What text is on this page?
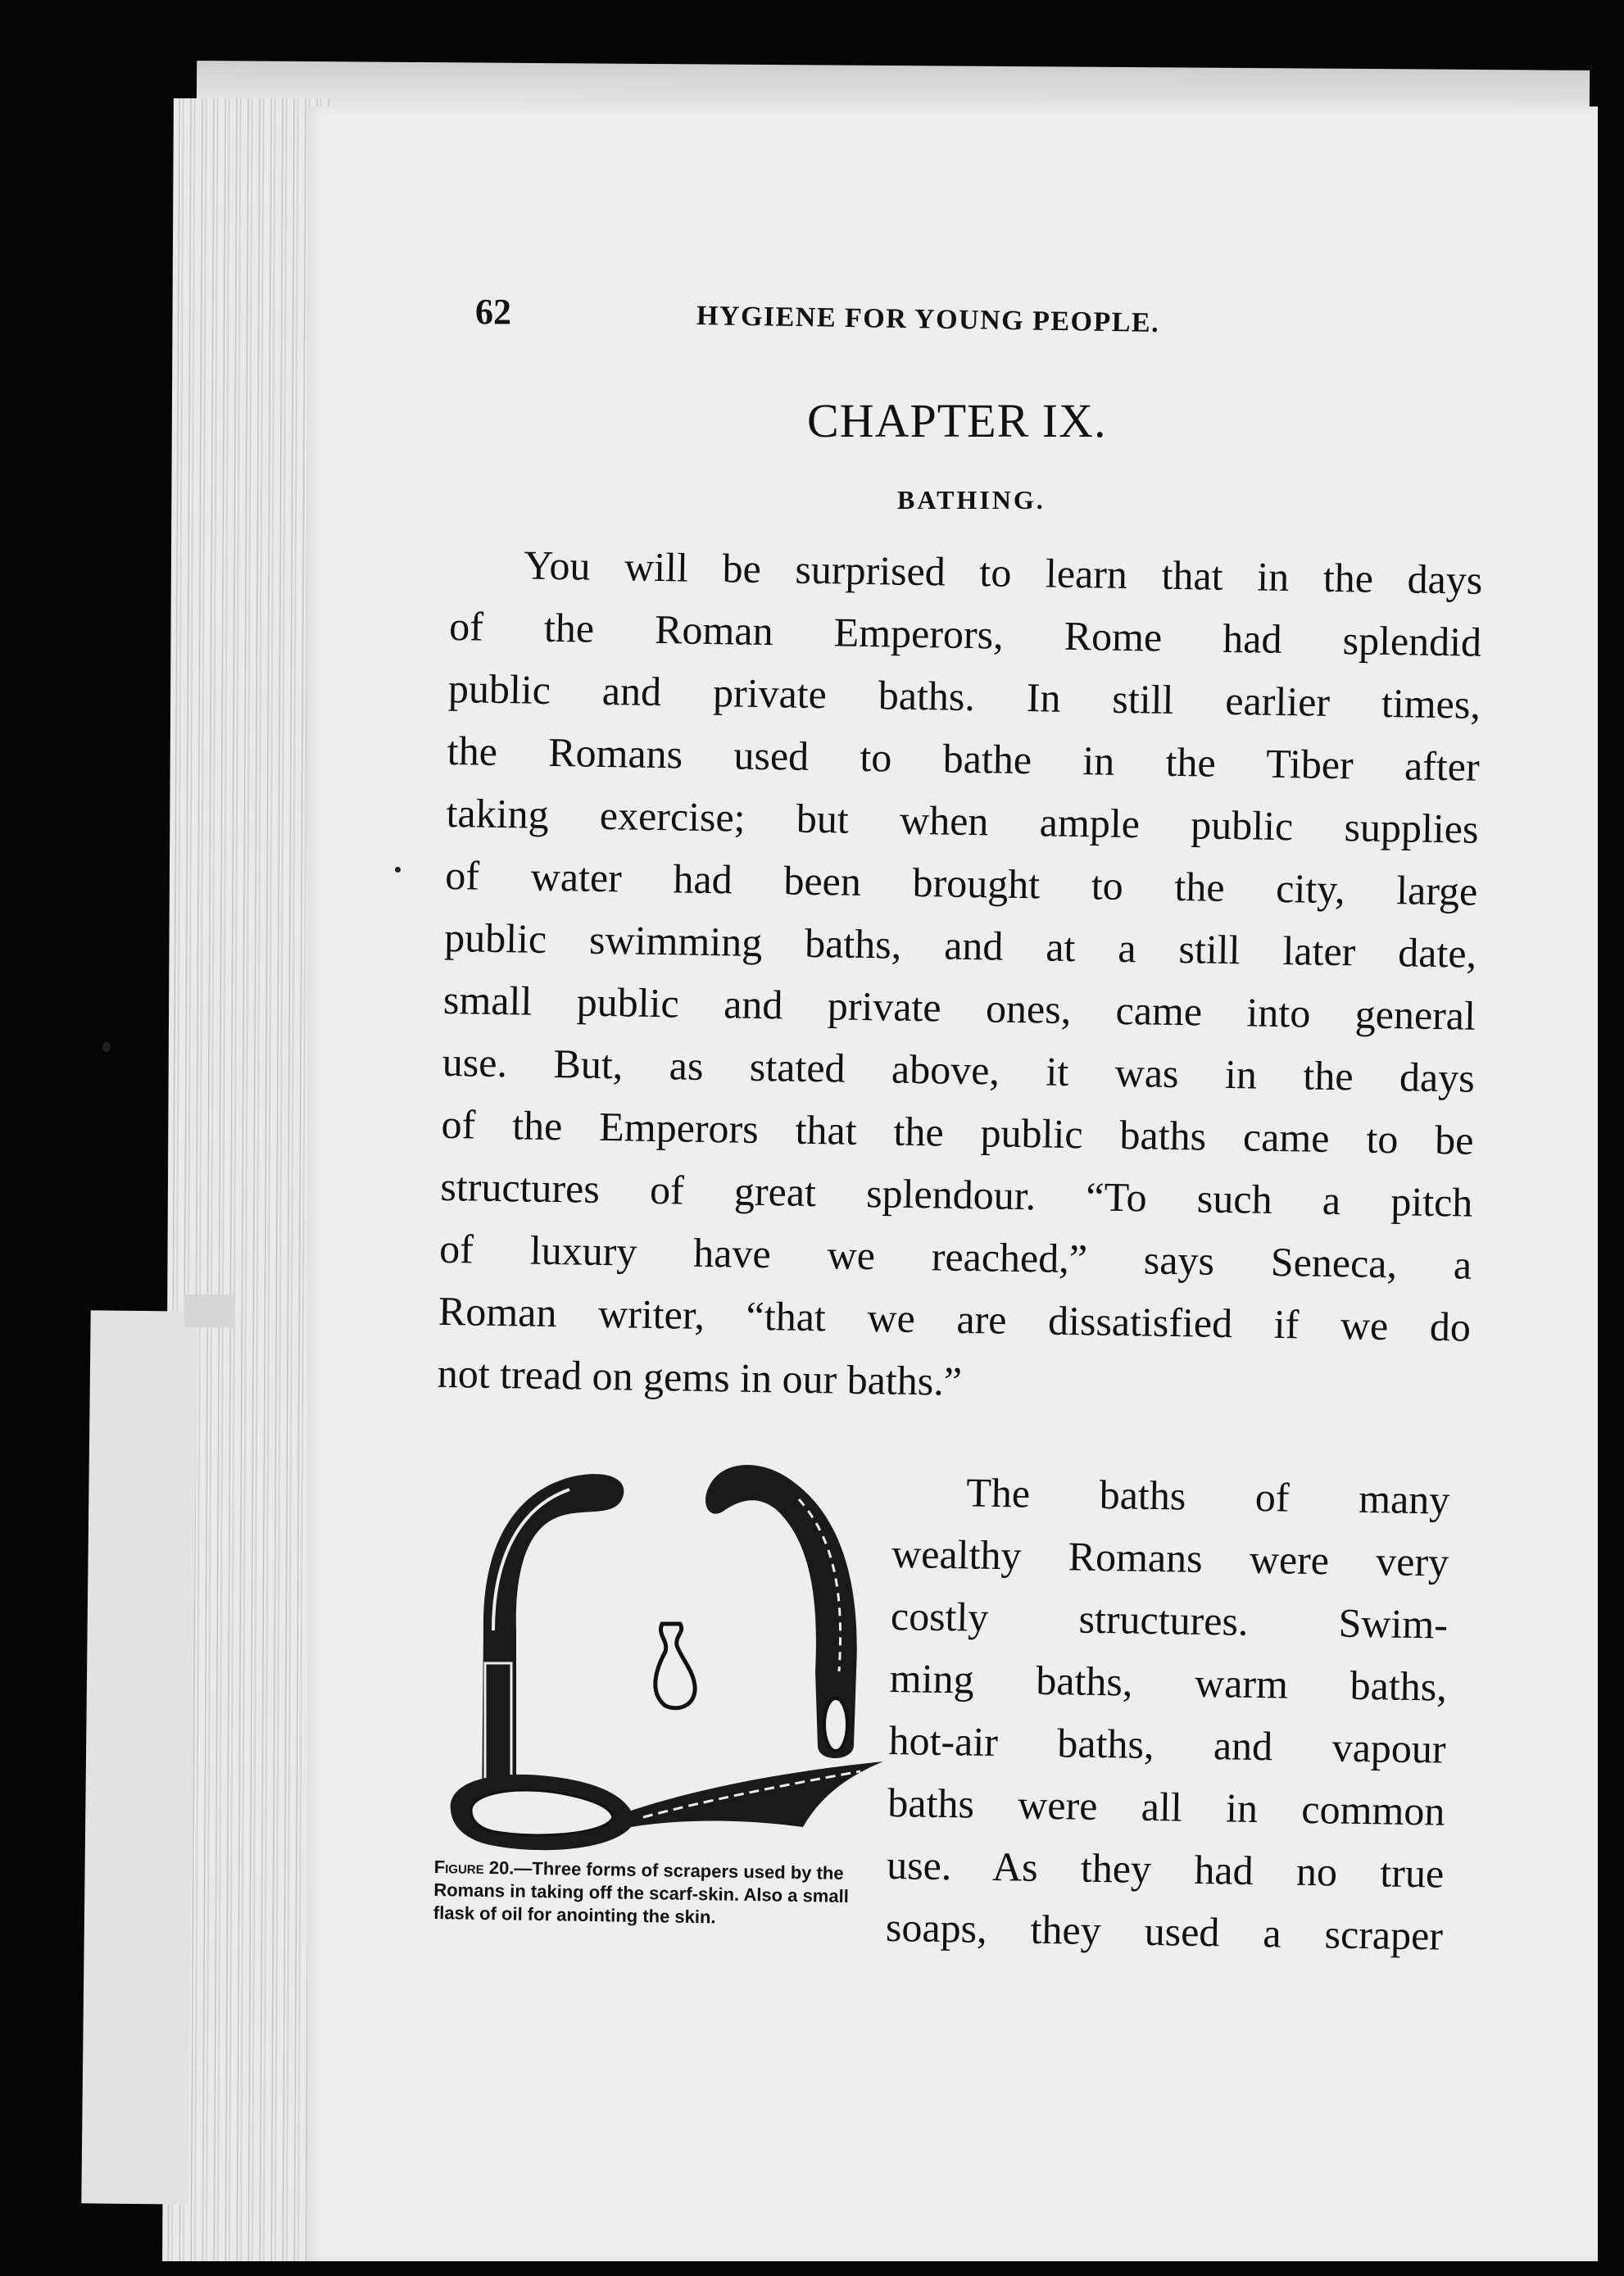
62	HYGIENE FOR YOUNG PEOPLE.
CHAPTER IX.
BATHING.
You will be surprised to learn that in the days
of the Roman Emperors, Rome had splendid
public and private baths. In still earlier times,
the Romans used to bathe in the Tiber after
taking exercise; but when ample public supplies
of water had been brought to the city, large
public swimming baths, and at a still later date,
small public and private ones, came into general
use. But, as stated above, it was in the days
of the Emperors that the public baths came to be
structures of great splendour. “To such a pitch
of luxury have we reached,” says Seneca, a
Roman writer, “that we are dissatisfied if we do
not tread on gems in our baths.”
Figure 20.—Three forms of scrapers used by the Romans in taking off the scarf-skin. Also a small flask of oil for anointing the skin.
The baths of many
wealthy Romans were very
costly structures. Swim-
ming baths, warm baths,
hot-air baths, and vapour
baths were all in common
use. As they had no true
soaps, they used a scraper
